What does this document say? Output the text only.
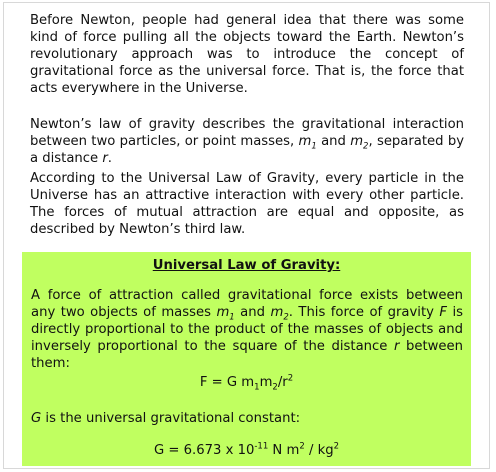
Before Newton, people had general idea that there was some kind of force pulling all the objects toward the Earth. Newton’s revolutionary approach was to introduce the concept of gravitational force as the universal force. That is, the force that acts everywhere in the Universe.

Newton’s law of gravity describes the gravitational interaction between two particles, or point masses, $m_1$ and $m_2$, separated by a distance r.

According to the Universal Law of Gravity, every particle in the Universe has an attractive interaction with every other particle. The forces of mutual attraction are equal and opposite, as described by Newton’s third law.

Universal Law of Gravity:

A force of attraction called gravitational force exists between any two objects of masses $m_1$ and $m_2$. This force of gravity F is directly proportional to the product of the masses of objects and inversely proportional to the square of the distance r between them:

F = G $m_1m_2/r^2$

G is the universal gravitational constant:

G = 6.673 x $10^{-11}$ N $m^2 / kg^2$
